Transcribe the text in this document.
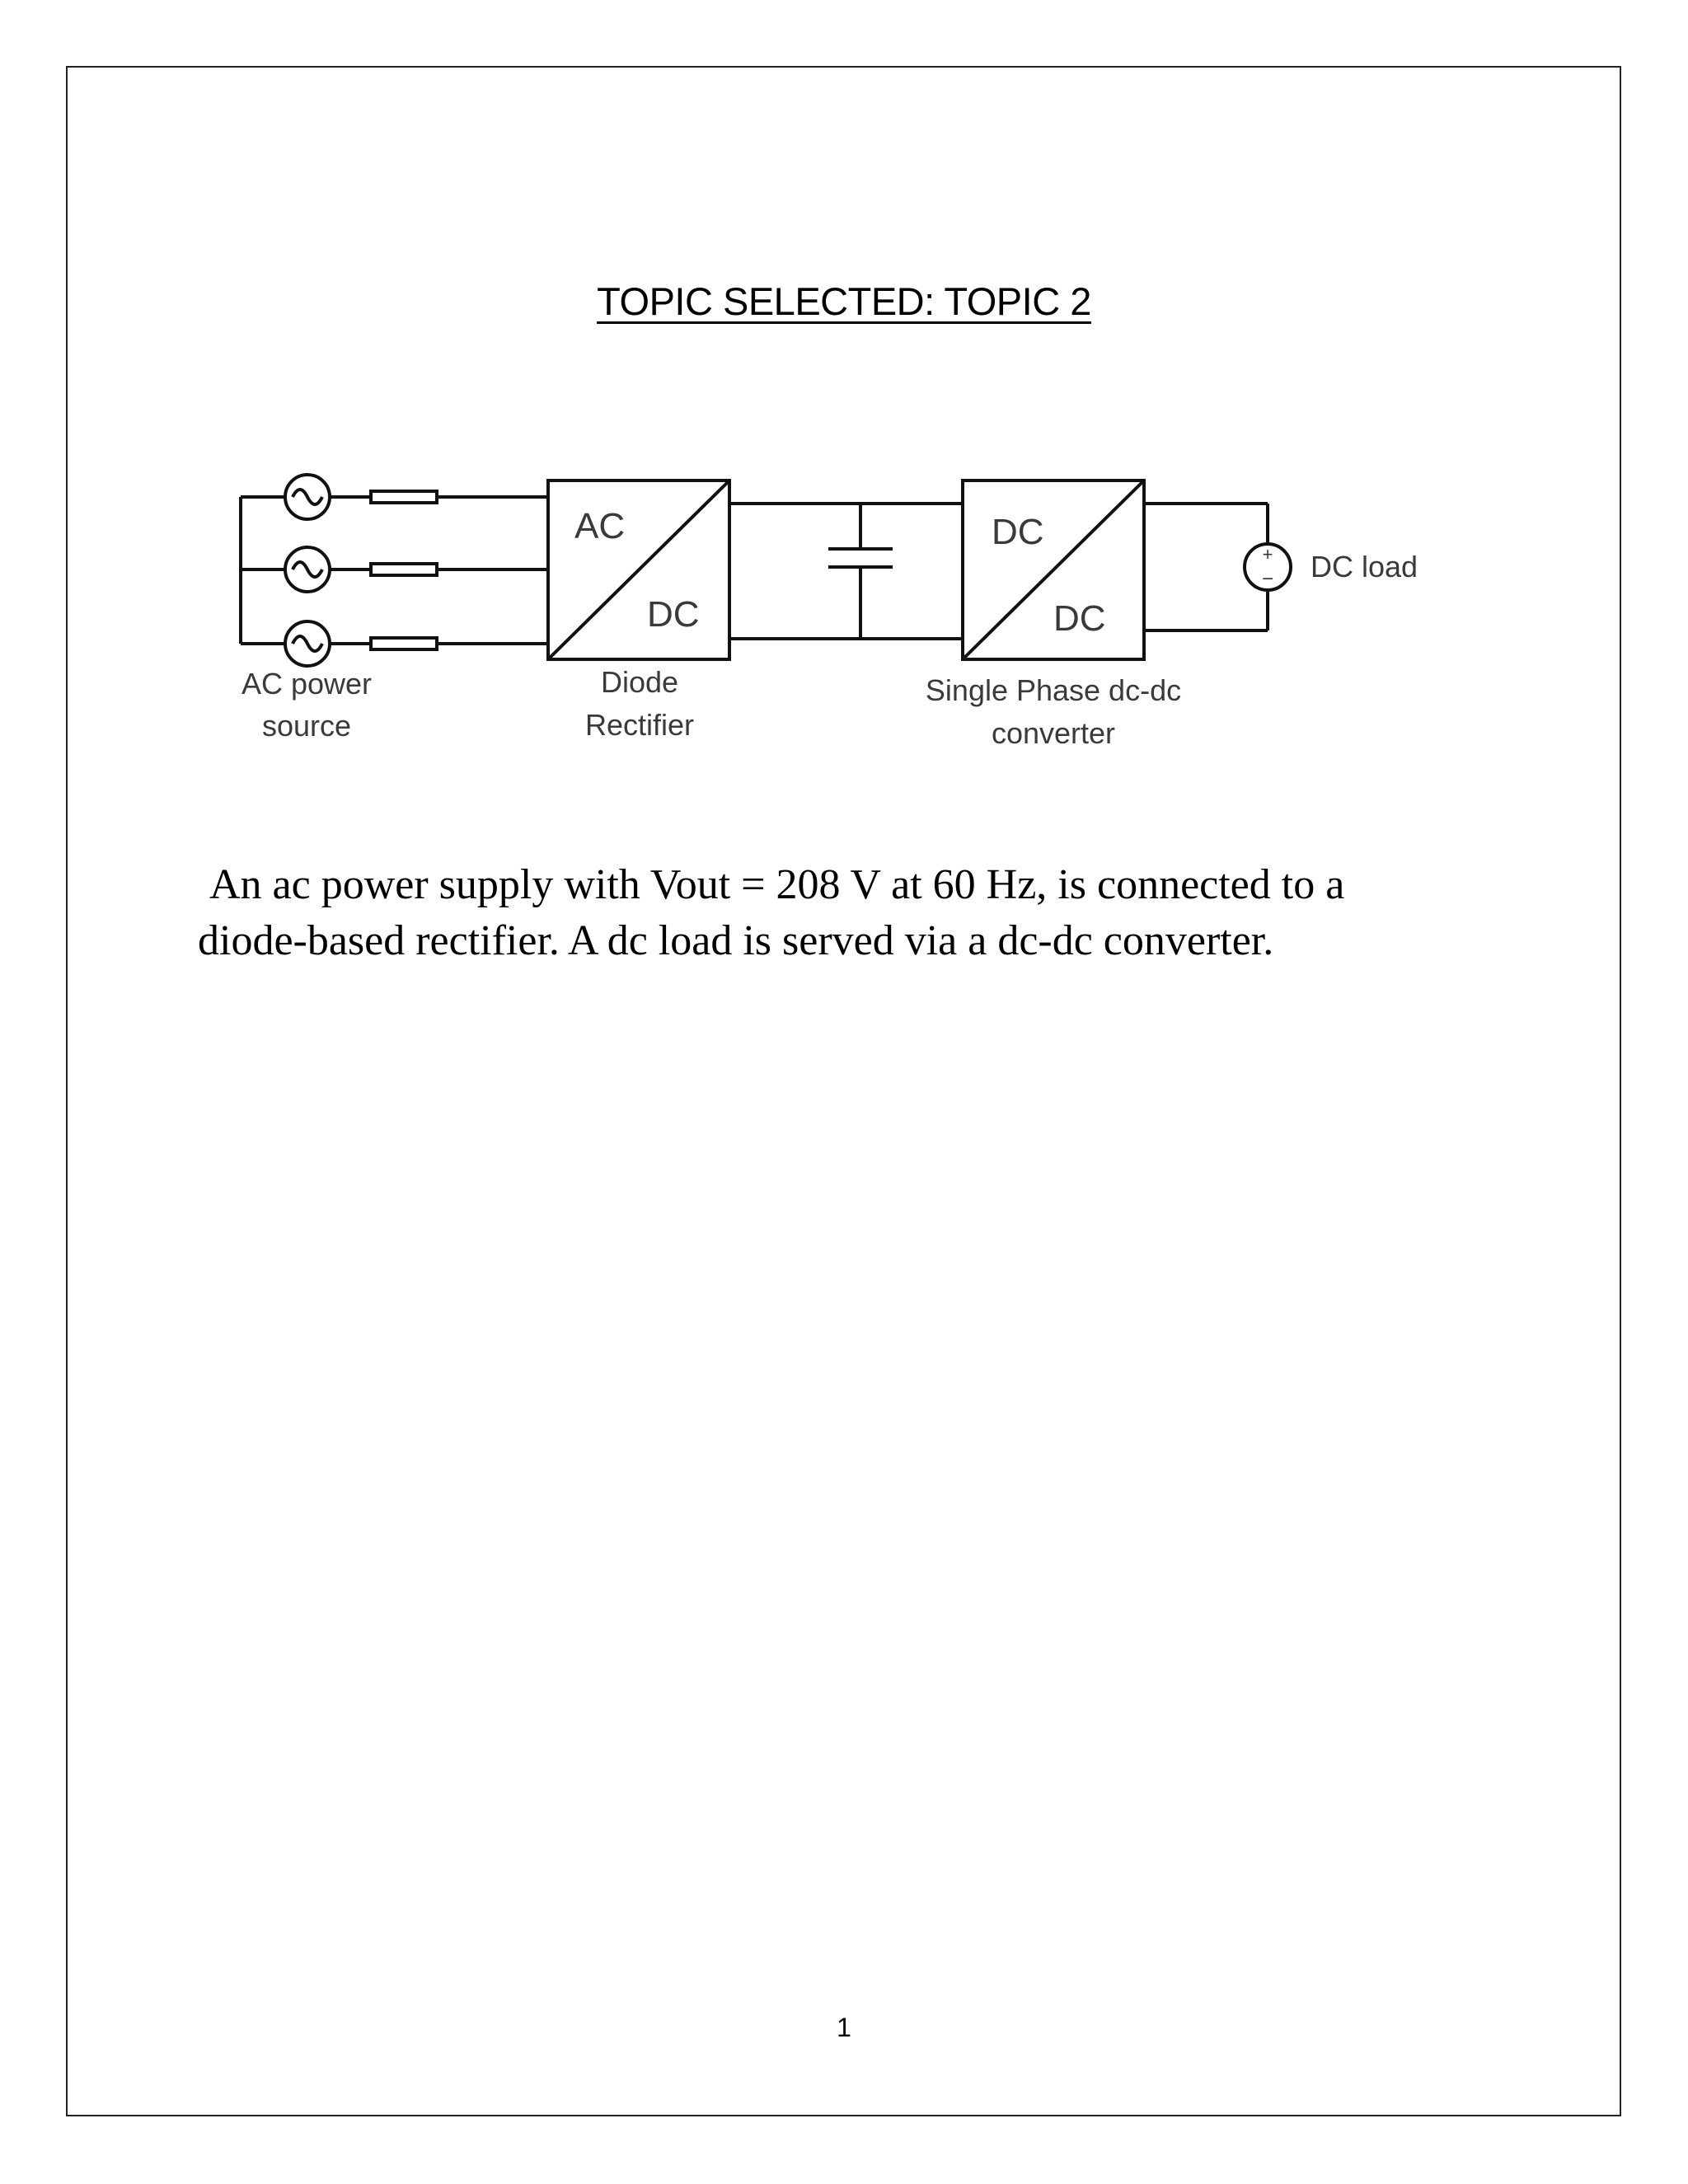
TOPIC SELECTED: TOPIC 2
AC
DC
DC
DC
+
−
AC power
source
Diode
Rectifier
Single Phase dc-dc
converter
DC load

An ac power supply with Vout = 208 V at 60 Hz, is connected to a

diode-based rectifier. A dc load is served via a dc-dc converter.

1
